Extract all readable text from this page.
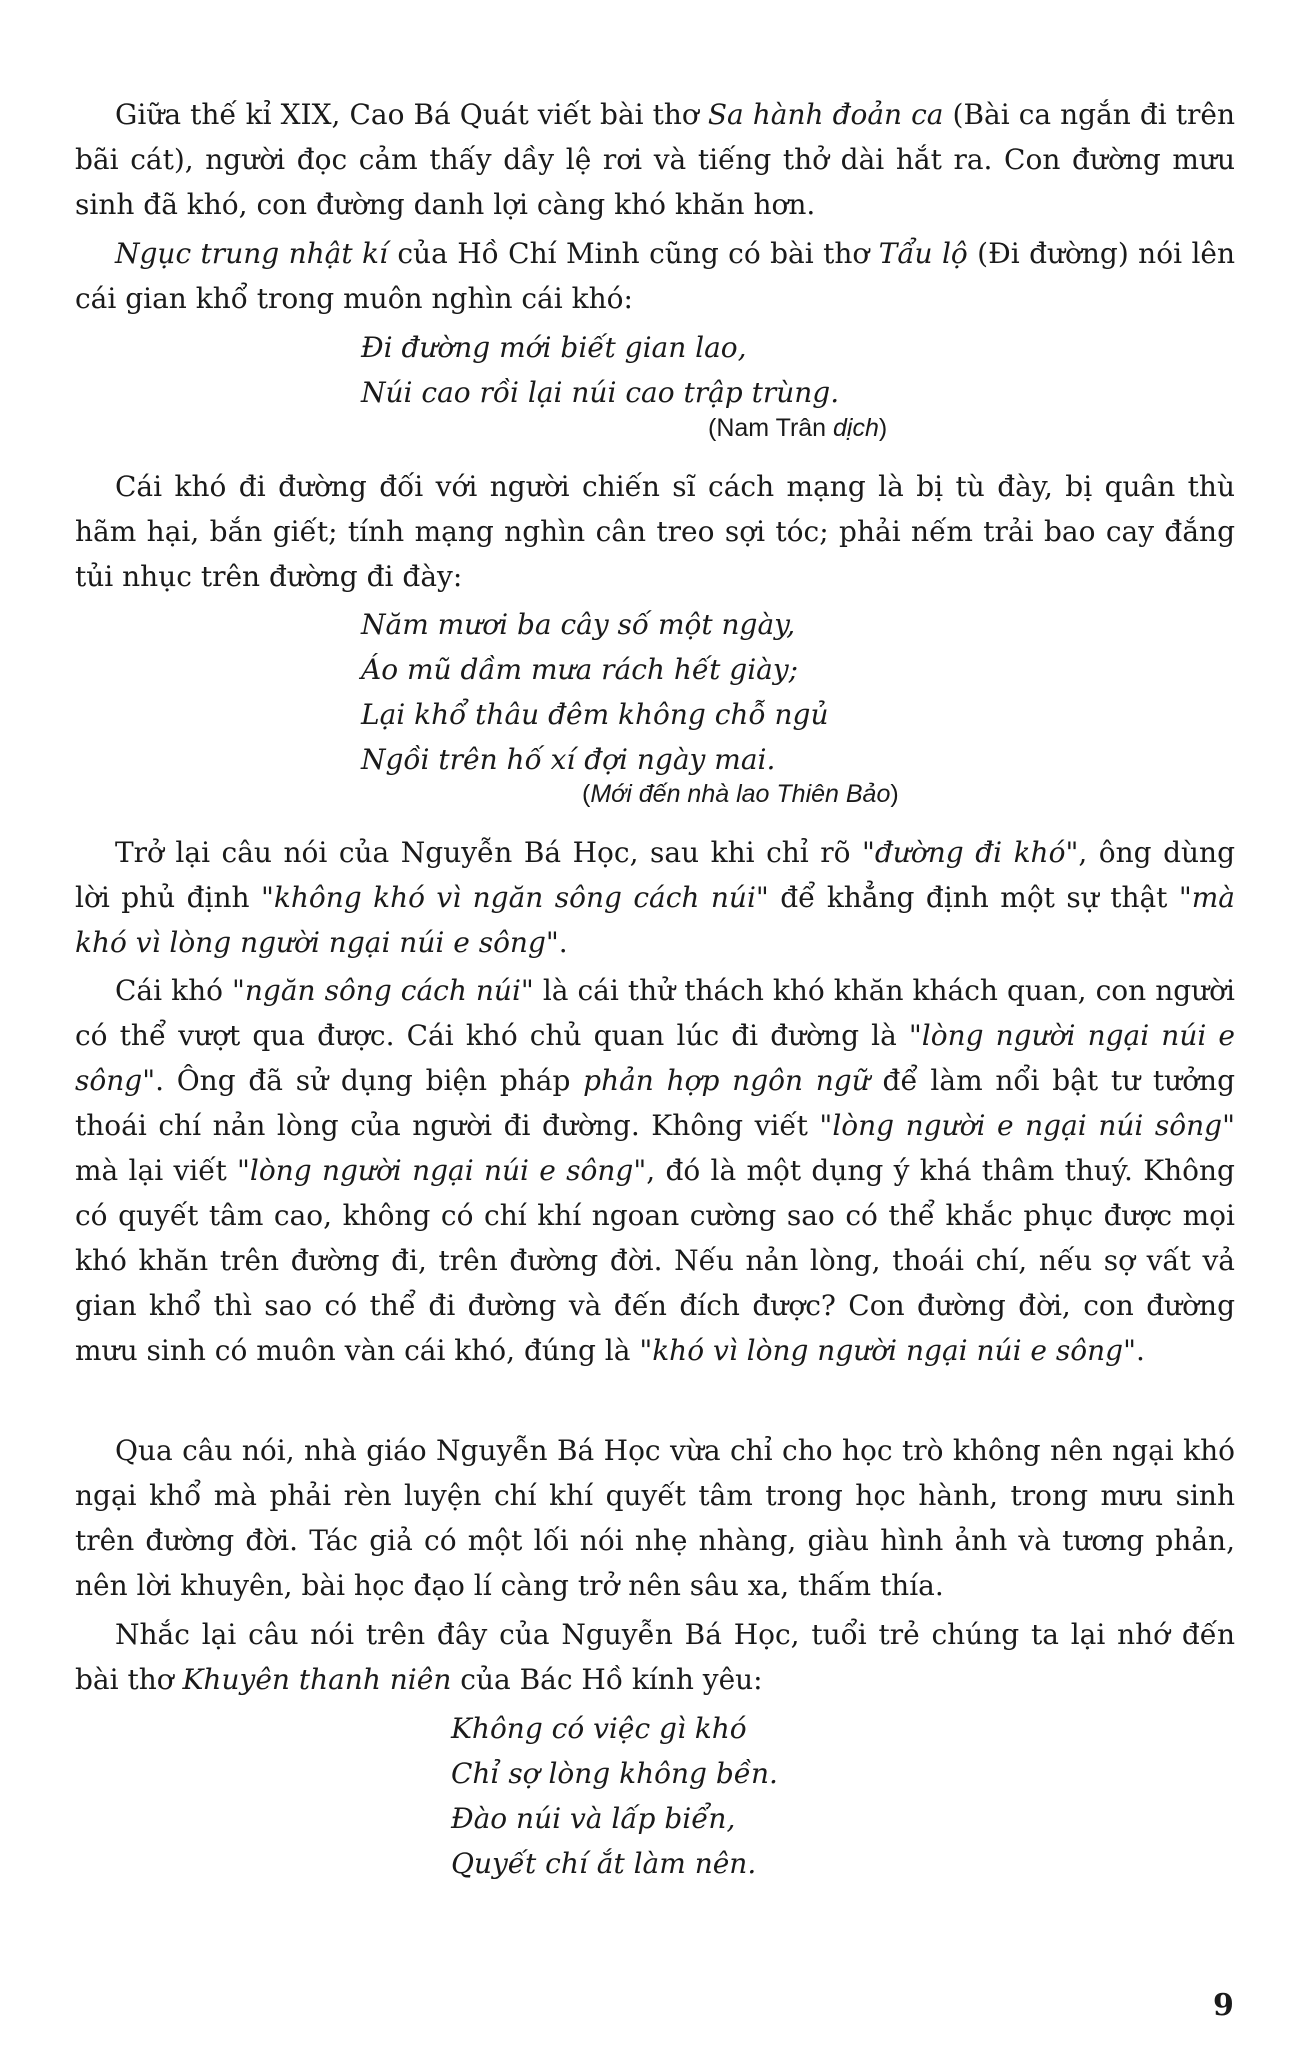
Giữa thế kỉ XIX, Cao Bá Quát viết bài thơ Sa hành đoản ca (Bài ca ngắn đi trên bãi cát), người đọc cảm thấy dầy lệ rơi và tiếng thở dài hắt ra. Con đường mưu sinh đã khó, con đường danh lợi càng khó khăn hơn.

Ngục trung nhật kí của Hồ Chí Minh cũng có bài thơ Tẩu lộ (Đi đường) nói lên cái gian khổ trong muôn nghìn cái khó:

Đi đường mới biết gian lao,
Núi cao rồi lại núi cao trập trùng.
(Nam Trân dịch)

Cái khó đi đường đối với người chiến sĩ cách mạng là bị tù đày, bị quân thù hãm hại, bắn giết; tính mạng nghìn cân treo sợi tóc; phải nếm trải bao cay đắng tủi nhục trên đường đi đày:

Năm mươi ba cây số một ngày,
Áo mũ dầm mưa rách hết giày;
Lại khổ thâu đêm không chỗ ngủ
Ngồi trên hố xí đợi ngày mai.
(Mới đến nhà lao Thiên Bảo)

Trở lại câu nói của Nguyễn Bá Học, sau khi chỉ rõ "đường đi khó", ông dùng lời phủ định "không khó vì ngăn sông cách núi" để khẳng định một sự thật "mà khó vì lòng người ngại núi e sông".

Cái khó "ngăn sông cách núi" là cái thử thách khó khăn khách quan, con người có thể vượt qua được. Cái khó chủ quan lúc đi đường là "lòng người ngại núi e sông". Ông đã sử dụng biện pháp phản hợp ngôn ngữ để làm nổi bật tư tưởng thoái chí nản lòng của người đi đường. Không viết "lòng người e ngại núi sông" mà lại viết "lòng người ngại núi e sông", đó là một dụng ý khá thâm thuý. Không có quyết tâm cao, không có chí khí ngoan cường sao có thể khắc phục được mọi khó khăn trên đường đi, trên đường đời. Nếu nản lòng, thoái chí, nếu sợ vất vả gian khổ thì sao có thể đi đường và đến đích được? Con đường đời, con đường mưu sinh có muôn vàn cái khó, đúng là "khó vì lòng người ngại núi e sông".

Qua câu nói, nhà giáo Nguyễn Bá Học vừa chỉ cho học trò không nên ngại khó ngại khổ mà phải rèn luyện chí khí quyết tâm trong học hành, trong mưu sinh trên đường đời. Tác giả có một lối nói nhẹ nhàng, giàu hình ảnh và tương phản, nên lời khuyên, bài học đạo lí càng trở nên sâu xa, thấm thía.

Nhắc lại câu nói trên đây của Nguyễn Bá Học, tuổi trẻ chúng ta lại nhớ đến bài thơ Khuyên thanh niên của Bác Hồ kính yêu:

Không có việc gì khó
Chỉ sợ lòng không bền.
Đào núi và lấp biển,
Quyết chí ắt làm nên.
9
